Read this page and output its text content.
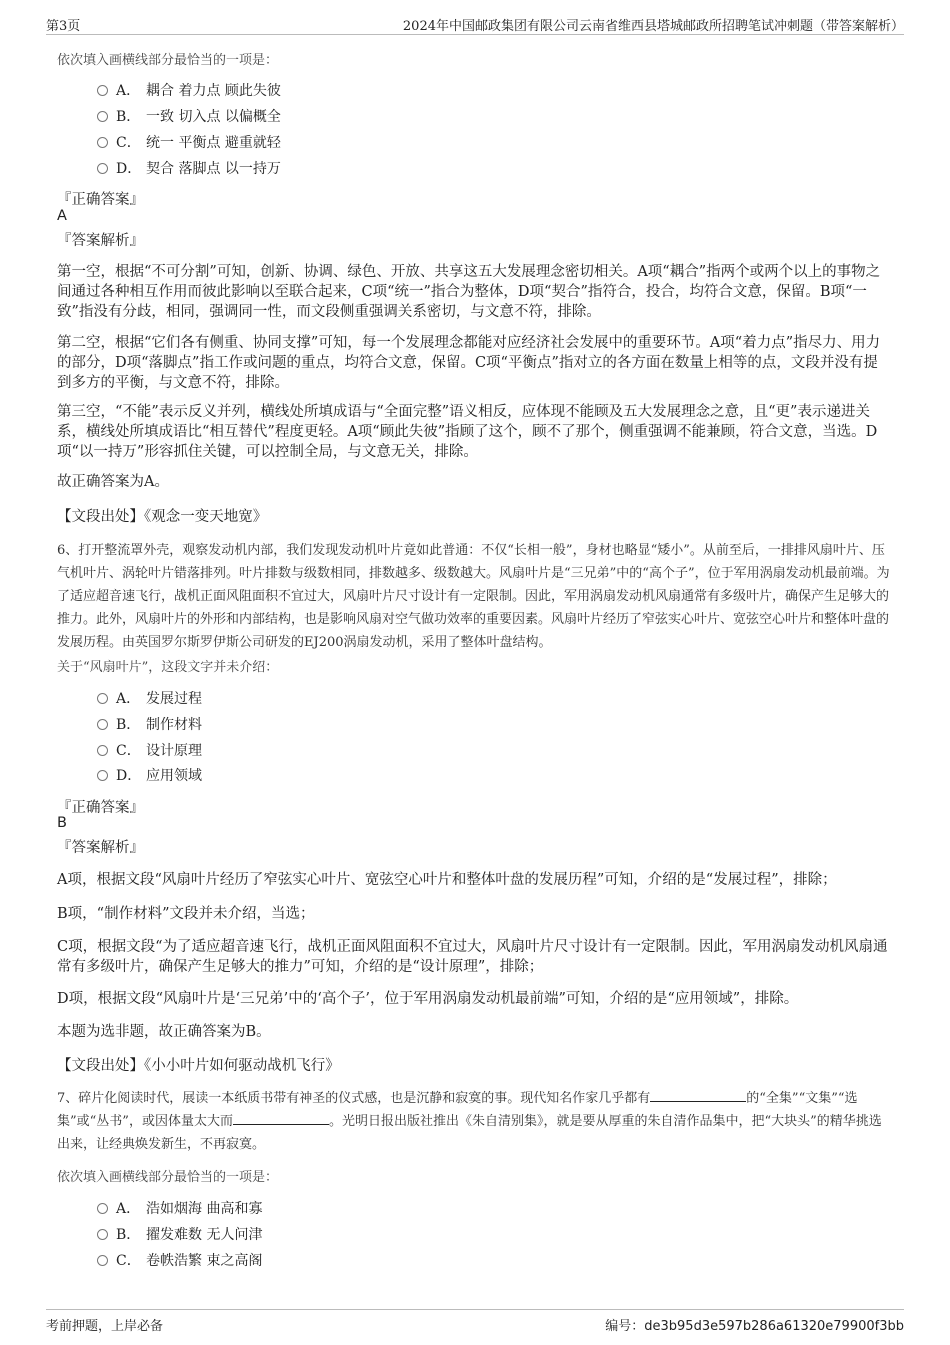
第3页	2024年中国邮政集团有限公司云南省维西县塔城邮政所招聘笔试冲刺题（带答案解析）
依次填入画横线部分最恰当的一项是：
A． 耦合 着力点 顾此失彼
B． 一致 切入点 以偏概全
C． 统一 平衡点 避重就轻
D． 契合 落脚点 以一持万
『正确答案』
A
『答案解析』
第一空，根据“不可分割”可知，创新、协调、绿色、开放、共享这五大发展理念密切相关。A项“耦合”指两个或两个以上的事物之间通过各种相互作用而彼此影响以至联合起来，C项“统一”指合为整体，D项“契合”指符合，投合，均符合文意，保留。B项“一致”指没有分歧，相同，强调同一性，而文段侧重强调关系密切，与文意不符，排除。
第二空，根据“它们各有侧重、协同支撑”可知，每一个发展理念都能对应经济社会发展中的重要环节。A项“着力点”指尽力、用力的部分，D项“落脚点”指工作或问题的重点，均符合文意，保留。C项“平衡点”指对立的各方面在数量上相等的点，文段并没有提到多方的平衡，与文意不符，排除。
第三空，“不能”表示反义并列，横线处所填成语与“全面完整”语义相反，应体现不能顾及五大发展理念之意，且“更”表示递进关系，横线处所填成语比“相互替代”程度更轻。A项“顾此失彼”指顾了这个，顾不了那个，侧重强调不能兼顾，符合文意，当选。D项“以一持万”形容抓住关键，可以控制全局，与文意无关，排除。
故正确答案为A。
【文段出处】《观念一变天地宽》
6、打开整流罩外壳，观察发动机内部，我们发现发动机叶片竟如此普通：不仅“长相一般”，身材也略显“矮小”。从前至后，一排排风扇叶片、压气机叶片、涡轮叶片错落排列。叶片排数与级数相同，排数越多、级数越大。风扇叶片是“三兄弟”中的“高个子”，位于军用涡扇发动机最前端。为了适应超音速飞行，战机正面风阻面积不宜过大，风扇叶片尺寸设计有一定限制。因此，军用涡扇发动机风扇通常有多级叶片，确保产生足够大的推力。此外，风扇叶片的外形和内部结构，也是影响风扇对空气做功效率的重要因素。风扇叶片经历了窄弦实心叶片、宽弦空心叶片和整体叶盘的发展历程。由英国罗尔斯罗伊斯公司研发的EJ200涡扇发动机，采用了整体叶盘结构。
关于“风扇叶片”，这段文字并未介绍：
A． 发展过程
B． 制作材料
C． 设计原理
D． 应用领域
『正确答案』
B
『答案解析』
A项，根据文段“风扇叶片经历了窄弦实心叶片、宽弦空心叶片和整体叶盘的发展历程”可知，介绍的是“发展过程”，排除；
B项，“制作材料”文段并未介绍，当选；
C项，根据文段“为了适应超音速飞行，战机正面风阻面积不宜过大，风扇叶片尺寸设计有一定限制。因此，军用涡扇发动机风扇通常有多级叶片，确保产生足够大的推力”可知，介绍的是“设计原理”，排除；
D项，根据文段“风扇叶片是‘三兄弟’中的‘高个子’，位于军用涡扇发动机最前端”可知，介绍的是“应用领域”，排除。
本题为选非题，故正确答案为B。
【文段出处】《小小叶片如何驱动战机飞行》
7、碎片化阅读时代，展读一本纸质书带有神圣的仪式感，也是沉静和寂寞的事。现代知名作家几乎都有	的“全集”“文集”“选集”或“丛书”，或因体量太大而	。光明日报出版社推出《朱自清别集》，就是要从厚重的朱自清作品集中，把“大块头”的精华挑选出来，让经典焕发新生，不再寂寞。
依次填入画横线部分最恰当的一项是：
A． 浩如烟海 曲高和寡
B． 擢发难数 无人问津
C． 卷帙浩繁 束之高阁
考前押题，上岸必备	编号：de3b95d3e597b286a61320e79900f3bb
